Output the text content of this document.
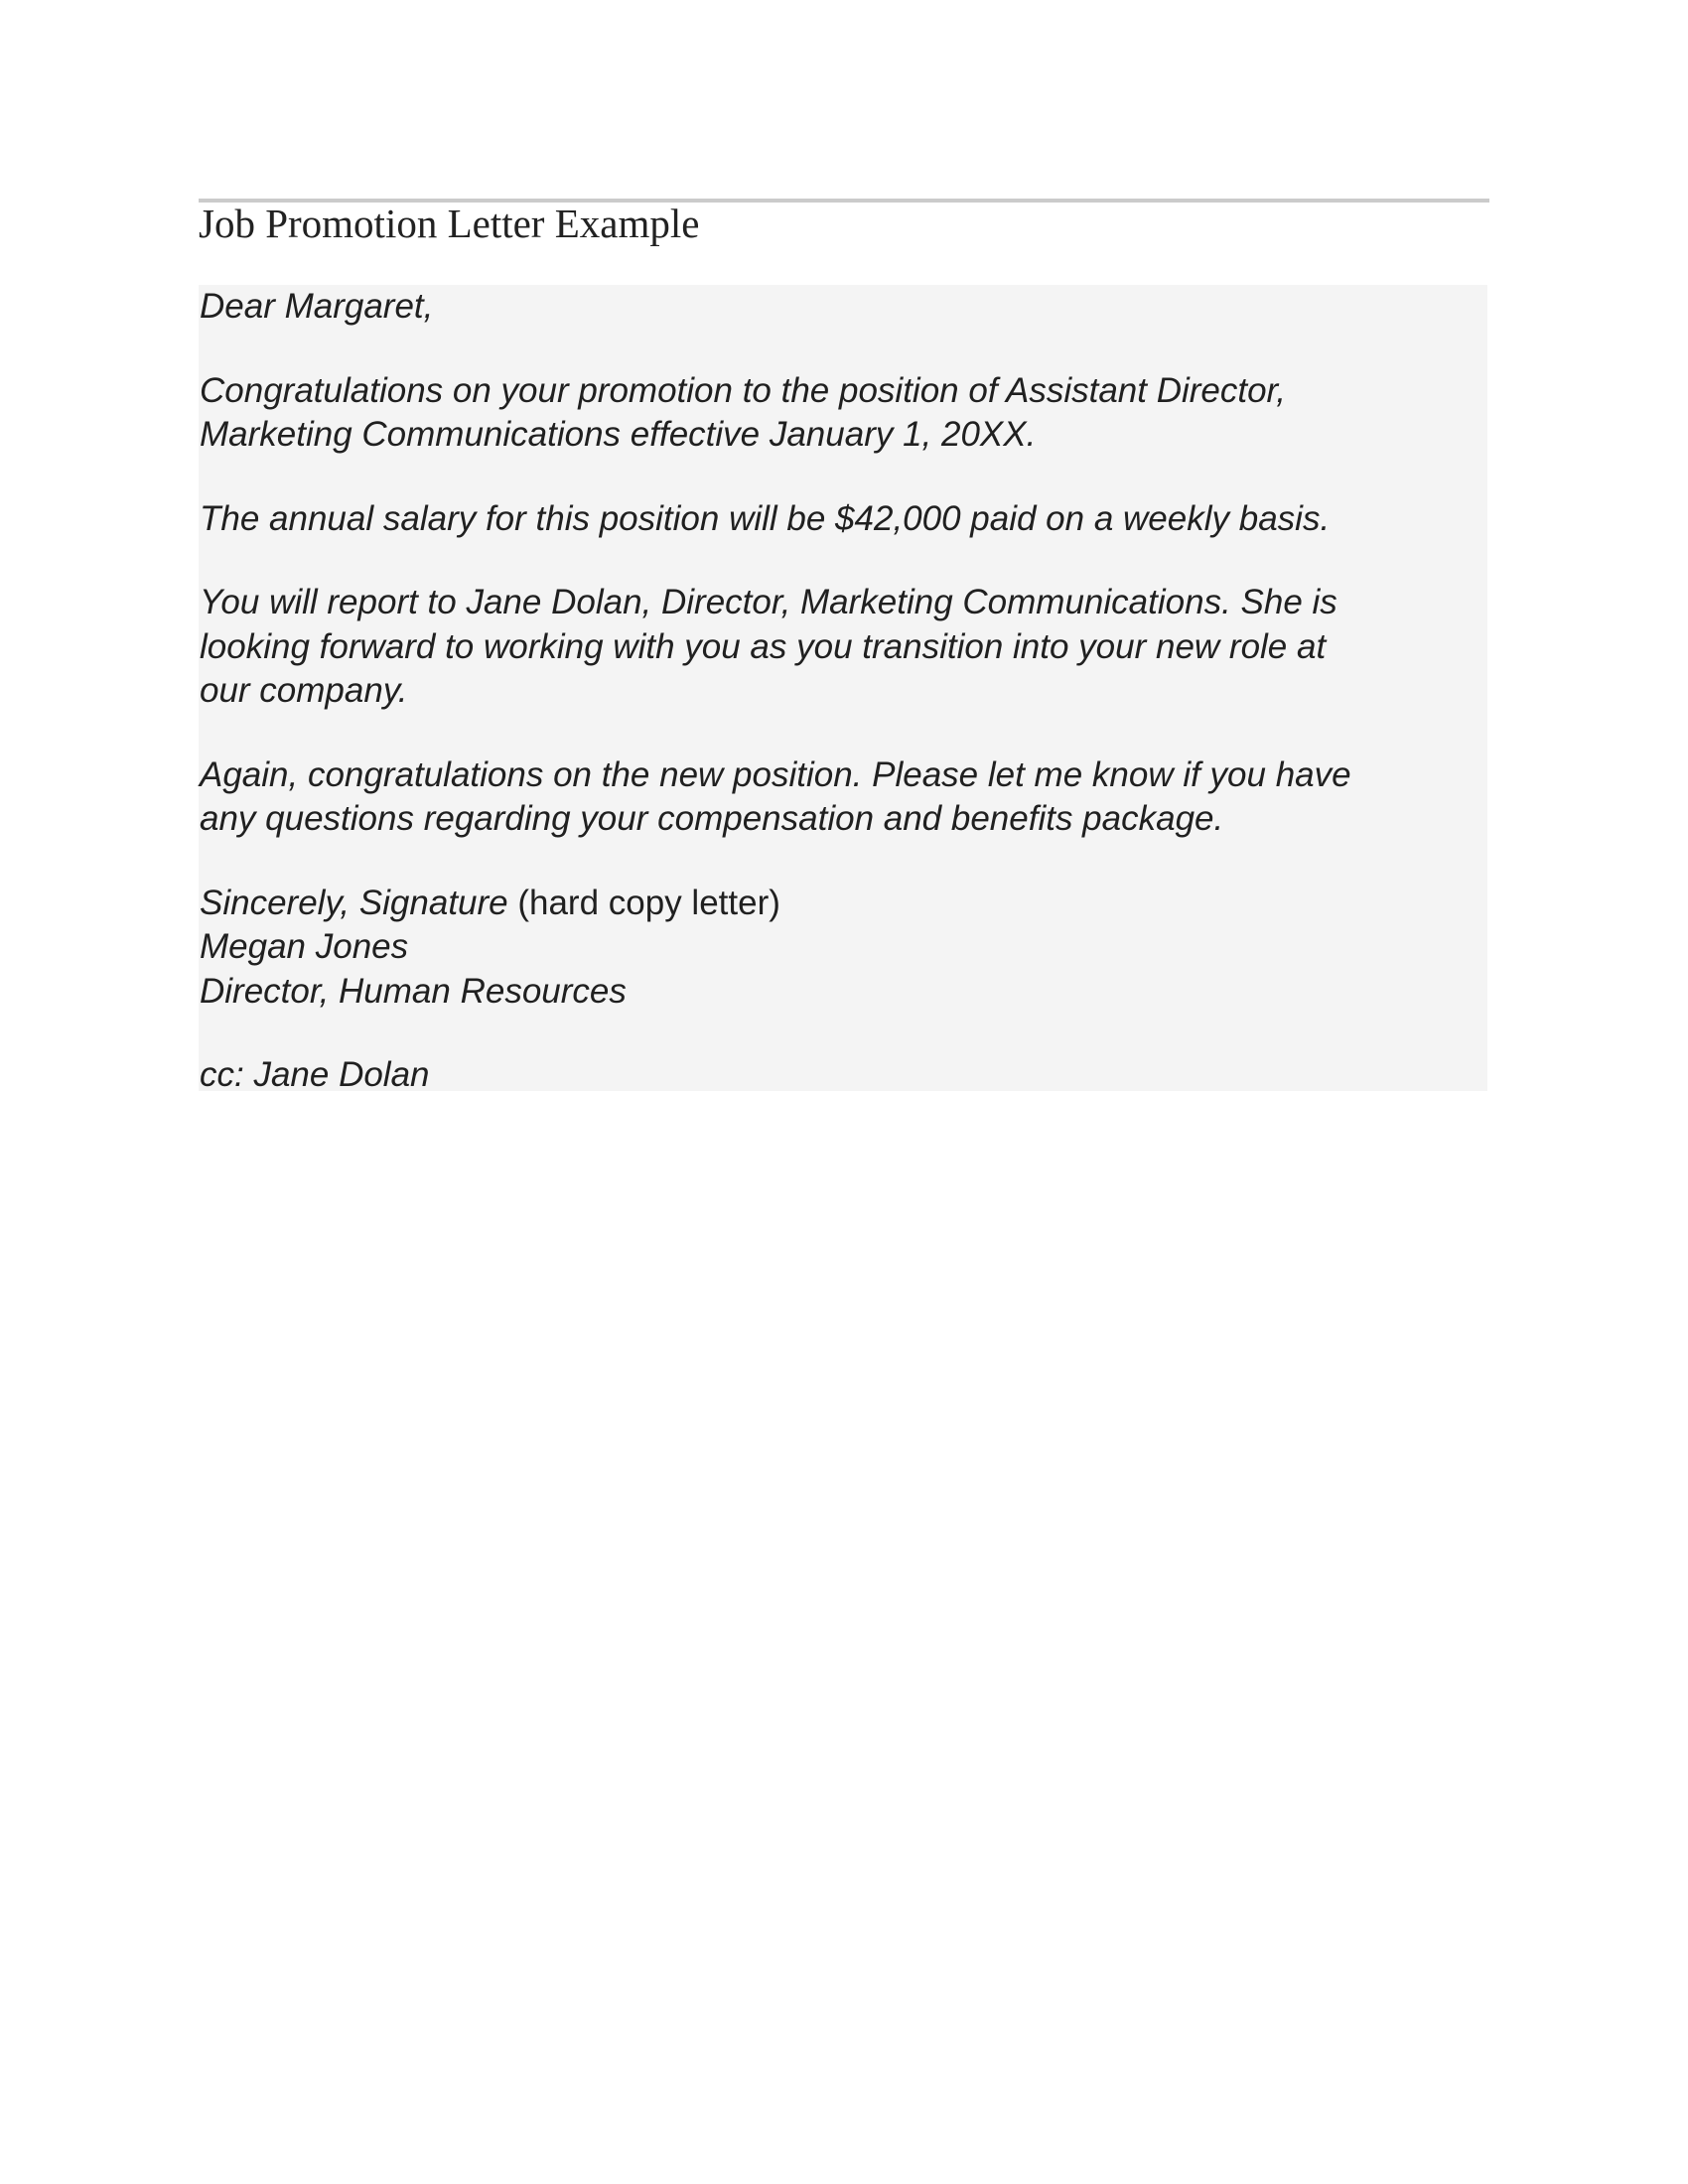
Job Promotion Letter Example

Dear Margaret,

Congratulations on your promotion to the position of Assistant Director,
Marketing Communications effective January 1, 20XX.

The annual salary for this position will be $42,000 paid on a weekly basis.

You will report to Jane Dolan, Director, Marketing Communications. She is
looking forward to working with you as you transition into your new role at
our company.

Again, congratulations on the new position. Please let me know if you have
any questions regarding your compensation and benefits package.

Sincerely, Signature (hard copy letter)
Megan Jones
Director, Human Resources

cc: Jane Dolan
